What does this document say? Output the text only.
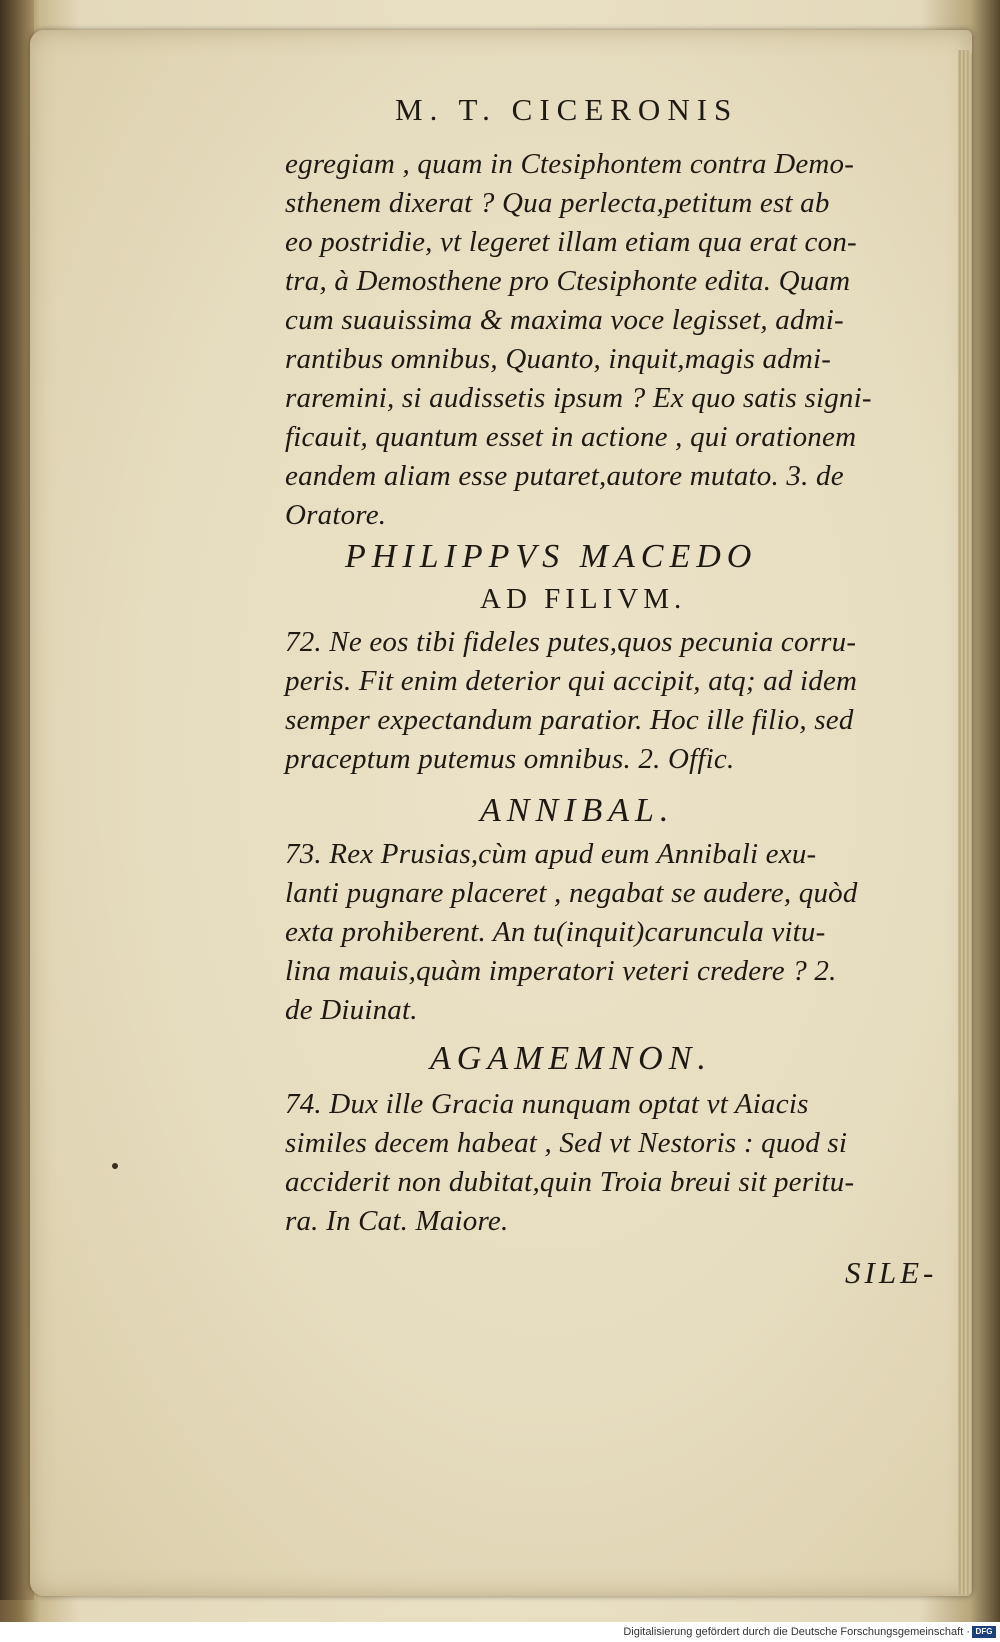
M. T. CICERONIS
egregiam , quam in Ctesiphontem contra Demo-
sthenem dixerat ? Qua perlecta,petitum est ab
eo postridie, vt legeret illam etiam qua erat con-
tra, à Demosthene pro Ctesiphonte edita. Quam
cum suauissima & maxima voce legisset, admi-
rantibus omnibus, Quanto, inquit,magis admi-
raremini, si audissetis ipsum ? Ex quo satis signi-
ficauit, quantum esset in actione , qui orationem
eandem aliam esse putaret,autore mutato. 3. de
Oratore.
PHILIPPVS MACEDO
AD FILIVM.
72. Ne eos tibi fideles putes,quos pecunia corru-
peris. Fit enim deterior qui accipit, atq; ad idem
semper expectandum paratior. Hoc ille filio, sed
praceptum putemus omnibus. 2. Offic.
ANNIBAL.
73. Rex Prusias,cùm apud eum Annibali exu-
lanti pugnare placeret , negabat se audere, quòd
exta prohiberent. An tu(inquit)caruncula vitu-
lina mauis,quàm imperatori veteri credere ? 2.
de Diuinat.
AGAMEMNON.
74. Dux ille Gracia nunquam optat vt Aiacis
similes decem habeat , Sed vt Nestoris : quod si
acciderit non dubitat,quin Troia breui sit peritu-
ra. In Cat. Maiore.
SILE-
Digitalisierung gefördert durch die Deutsche Forschungsgemeinschaft · DFG
